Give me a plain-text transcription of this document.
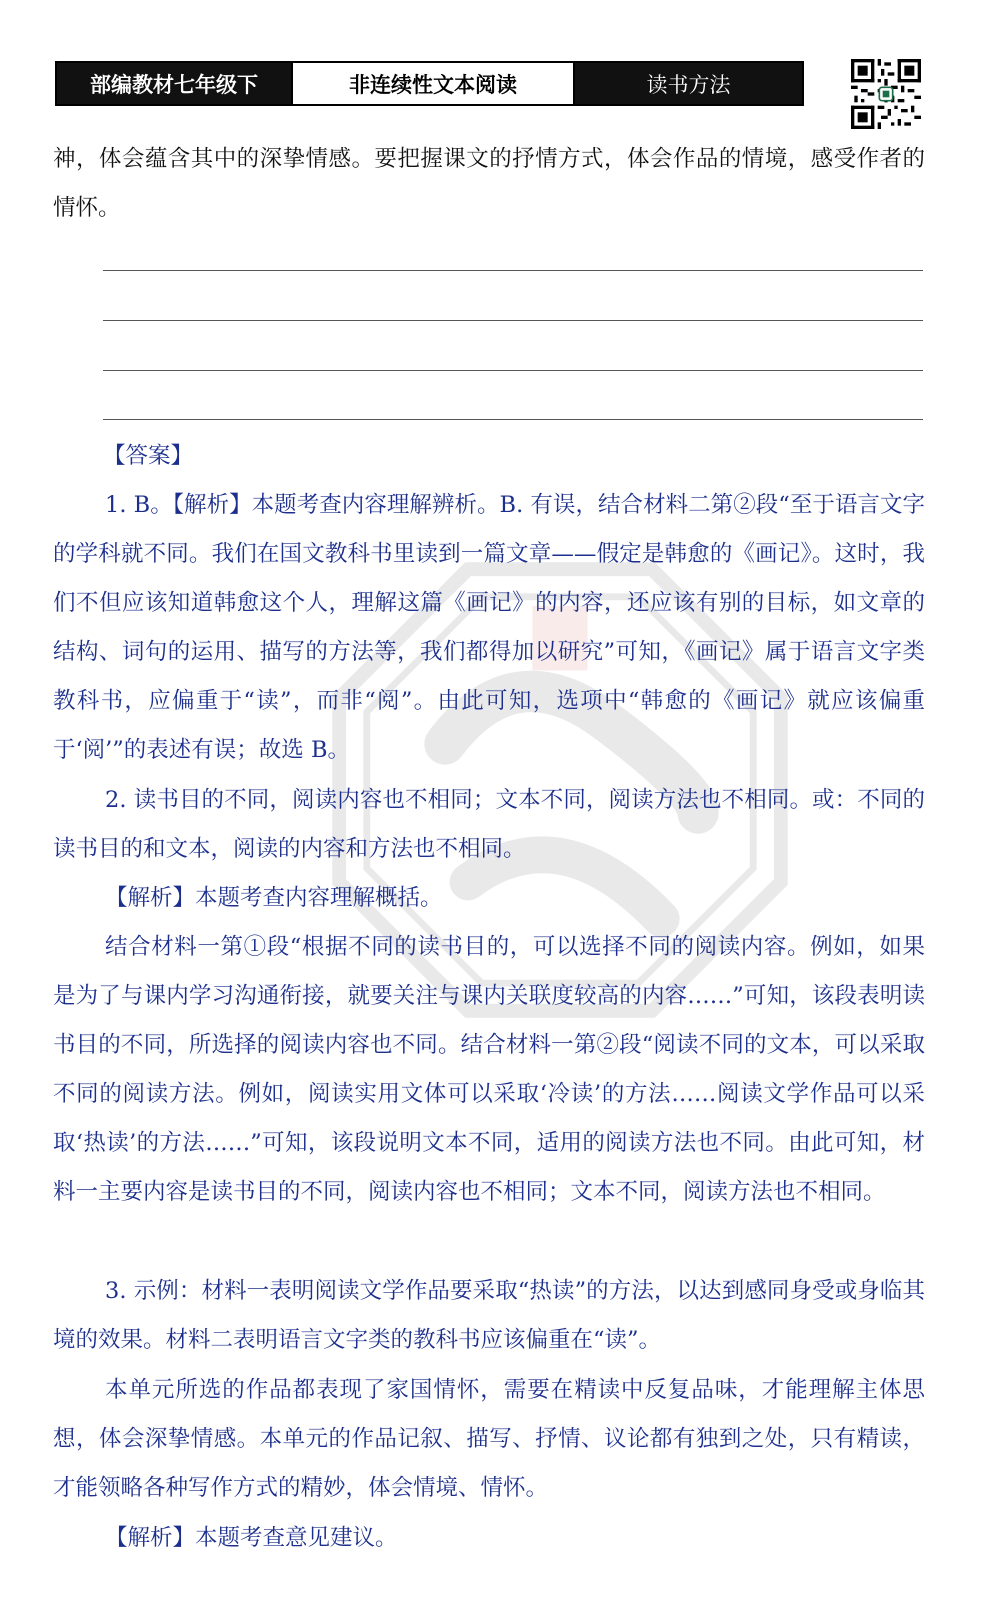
部编教材七年级下	非连续性文本阅读	读书方法

神，体会蕴含其中的深挚情感。要把握课文的抒情方式，体会作品的情境，感受作者的情怀。

【答案】

1. B。【解析】本题考查内容理解辨析。B. 有误，结合材料二第②段“至于语言文字的学科就不同。我们在国文教科书里读到一篇文章——假定是韩愈的《画记》。这时，我们不但应该知道韩愈这个人，理解这篇《画记》的内容，还应该有别的目标，如文章的结构、词句的运用、描写的方法等，我们都得加以研究”可知，《画记》属于语言文字类教科书，应偏重于“读”，而非“阅”。由此可知，选项中“韩愈的《画记》就应该偏重于‘阅’”的表述有误；故选 B。

2. 读书目的不同，阅读内容也不相同；文本不同，阅读方法也不相同。或：不同的读书目的和文本，阅读的内容和方法也不相同。

【解析】本题考查内容理解概括。

结合材料一第①段“根据不同的读书目的，可以选择不同的阅读内容。例如，如果是为了与课内学习沟通衔接，就要关注与课内关联度较高的内容……”可知，该段表明读书目的不同，所选择的阅读内容也不同。结合材料一第②段“阅读不同的文本，可以采取不同的阅读方法。例如，阅读实用文体可以采取‘冷读’的方法……阅读文学作品可以采取‘热读’的方法……”可知，该段说明文本不同，适用的阅读方法也不同。由此可知，材料一主要内容是读书目的不同，阅读内容也不相同；文本不同，阅读方法也不相同。

3. 示例：材料一表明阅读文学作品要采取“热读”的方法，以达到感同身受或身临其境的效果。材料二表明语言文字类的教科书应该偏重在“读”。

本单元所选的作品都表现了家国情怀，需要在精读中反复品味，才能理解主体思想，体会深挚情感。本单元的作品记叙、描写、抒情、议论都有独到之处，只有精读，才能领略各种写作方式的精妙，体会情境、情怀。

【解析】本题考查意见建议。
